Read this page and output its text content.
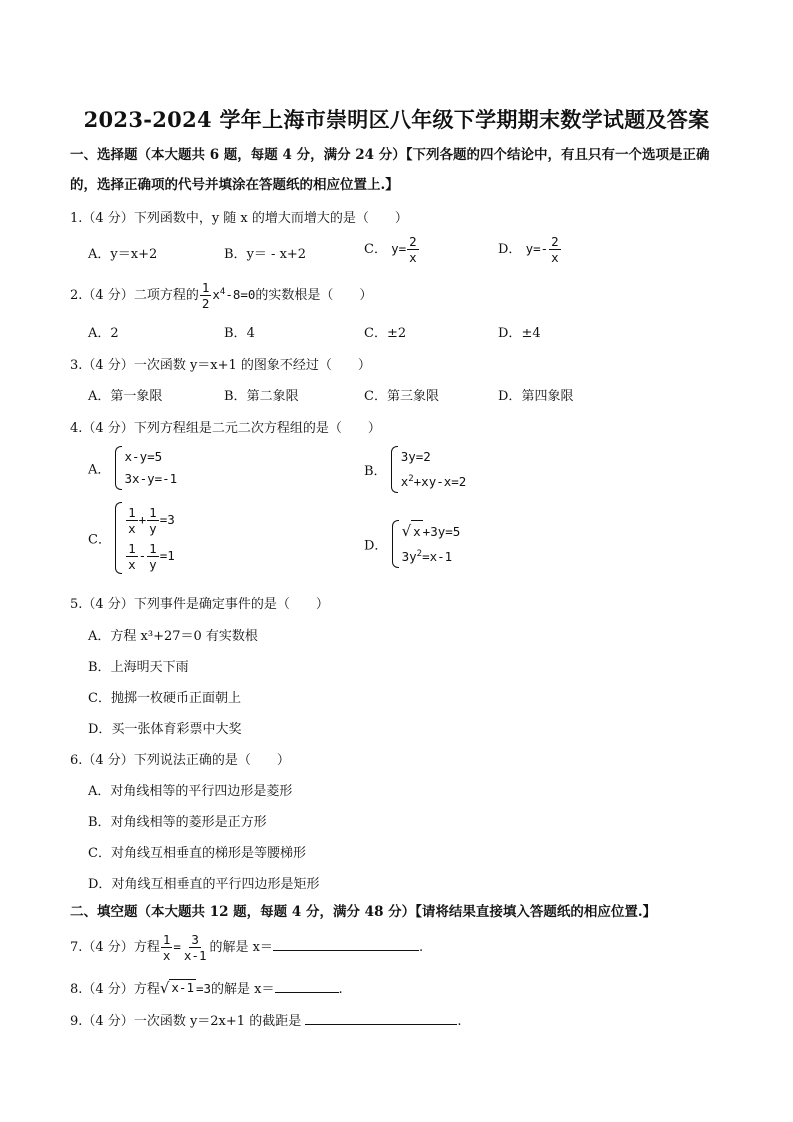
2023-2024 学年上海市崇明区八年级下学期期末数学试题及答案
一、选择题（本大题共 6 题，每题 4 分，满分 24 分）【下列各题的四个结论中，有且只有一个选项是正确
的，选择正确项的代号并填涂在答题纸的相应位置上.】
1.（4 分）下列函数中，y 随 x 的增大而增大的是（　　）
A．y＝x+2	B．y＝ - x+2	C． $y= \frac{2}{x}$	D． $y=- \frac{2}{x}$
2.（4 分）二项方程的 $\frac{1}{2} x^4-8=0$的实数根是（　　）
A．2	B．4	C．±2	D．±4
3.（4 分）一次函数 y＝x+1 的图象不经过（　　）
A．第一象限	B．第二象限	C．第三象限	D．第四象限
4.（4 分）下列方程组是二元二次方程组的是（　　）
A．
x-y=5
3x-y=-1	B．
3y=2
$x^2+xy-x=2$
C．
$\frac{1}{x} + \frac{1}{y} =3$
$\frac{1}{x} - \frac{1}{y} =1$
D．
√ x +3y=5
$3y^2=x-1$
5.（4 分）下列事件是确定事件的是（　　）
A．方程 x³+27＝0 有实数根
B．上海明天下雨
C．抛掷一枚硬币正面朝上
D．买一张体育彩票中大奖
6.（4 分）下列说法正确的是（　　）
A．对角线相等的平行四边形是菱形
B．对角线相等的菱形是正方形
C．对角线互相垂直的梯形是等腰梯形
D．对角线互相垂直的平行四边形是矩形
二、填空题（本大题共 12 题，每题 4 分，满分 48 分）【请将结果直接填入答题纸的相应位置.】
7.（4 分）方程 $\frac{1}{x} = \frac{3}{x-1}$ 的解是 x＝	.
8.（4 分）方程 √ x-1 =3的解是 x＝	.
9.（4 分）一次函数 y＝2x+1 的截距是	.
